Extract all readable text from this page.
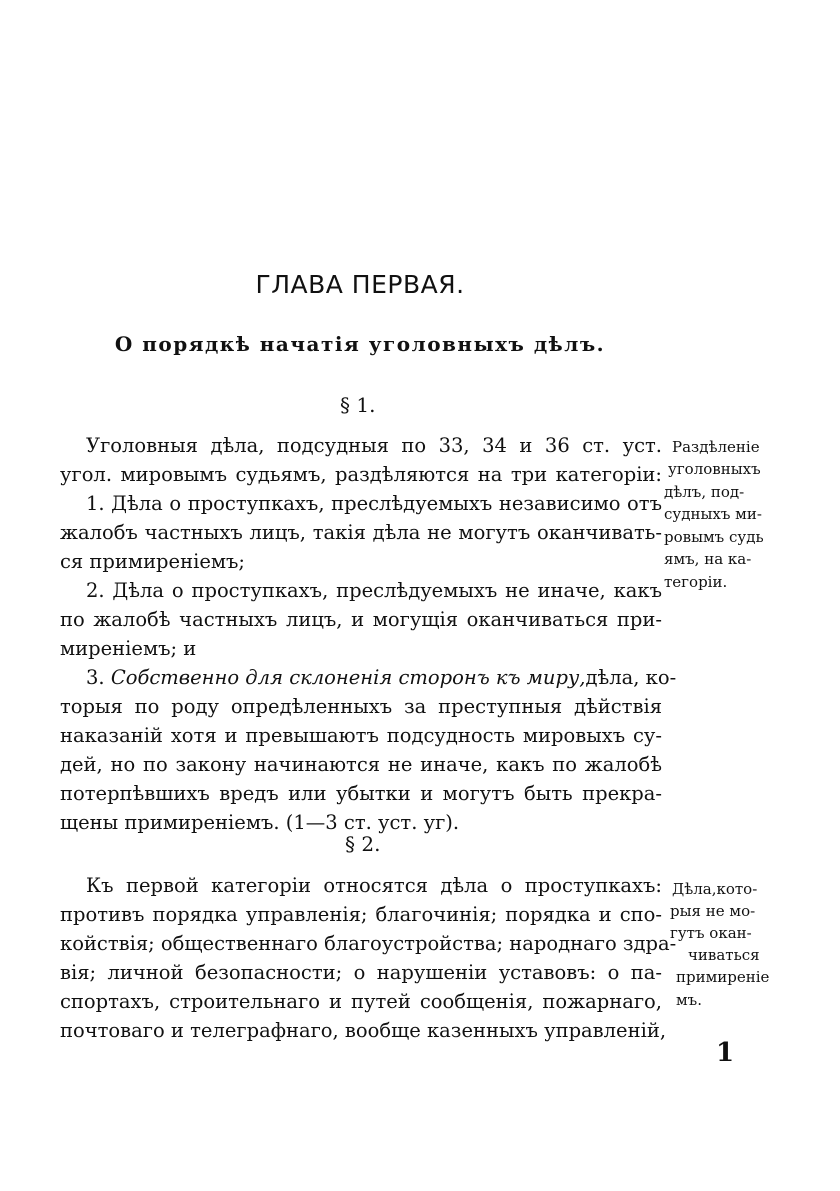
ГЛАВА ПЕРВАЯ.
О порядкѣ начатія уголовныхъ дѣлъ.
§ 1.
Уголовныя дѣла, подсудныя по 33, 34 и 36 ст. уст.
угол. мировымъ судьямъ, раздѣляются на три категоріи:
1. Дѣла о проступкахъ, преслѣдуемыхъ независимо отъ
жалобъ частныхъ лицъ, такія дѣла не могутъ оканчивать-
ся примиреніемъ;
2. Дѣла о проступкахъ, преслѣдуемыхъ не иначе, какъ
по жалобѣ частныхъ лицъ, и могущія оканчиваться при-
миреніемъ; и
3. Собственно для склоненія сторонъ къ миру, дѣла, ко-
торыя по роду опредѣленныхъ за преступныя дѣйствія
наказаній хотя и превышаютъ подсудность мировыхъ су-
дей, но по закону начинаются не иначе, какъ по жалобѣ
потерпѣвшихъ вредъ или убытки и могутъ быть прекра-
щены примиреніемъ. (1—3 ст. уст. уг).
Раздѣленіе
уголовныхъ
дѣлъ, под-
судныхъ ми-
ровымъ судь
ямъ, на ка-
тегоріи.
§ 2.
Къ первой категоріи относятся дѣла о проступкахъ:
противъ порядка управленія; благочинія; порядка и спо-
койствія; общественнаго благоустройства; народнаго здра-
вія; личной безопасности; о нарушеніи уставовъ: о па-
спортахъ, строительнаго и путей сообщенія, пожарнаго,
почтоваго и телеграфнаго, вообще казенныхъ управленій,
Дѣла,кото-
рыя не мо-
гутъ окан-
чиваться
примиреніемъ.
1
